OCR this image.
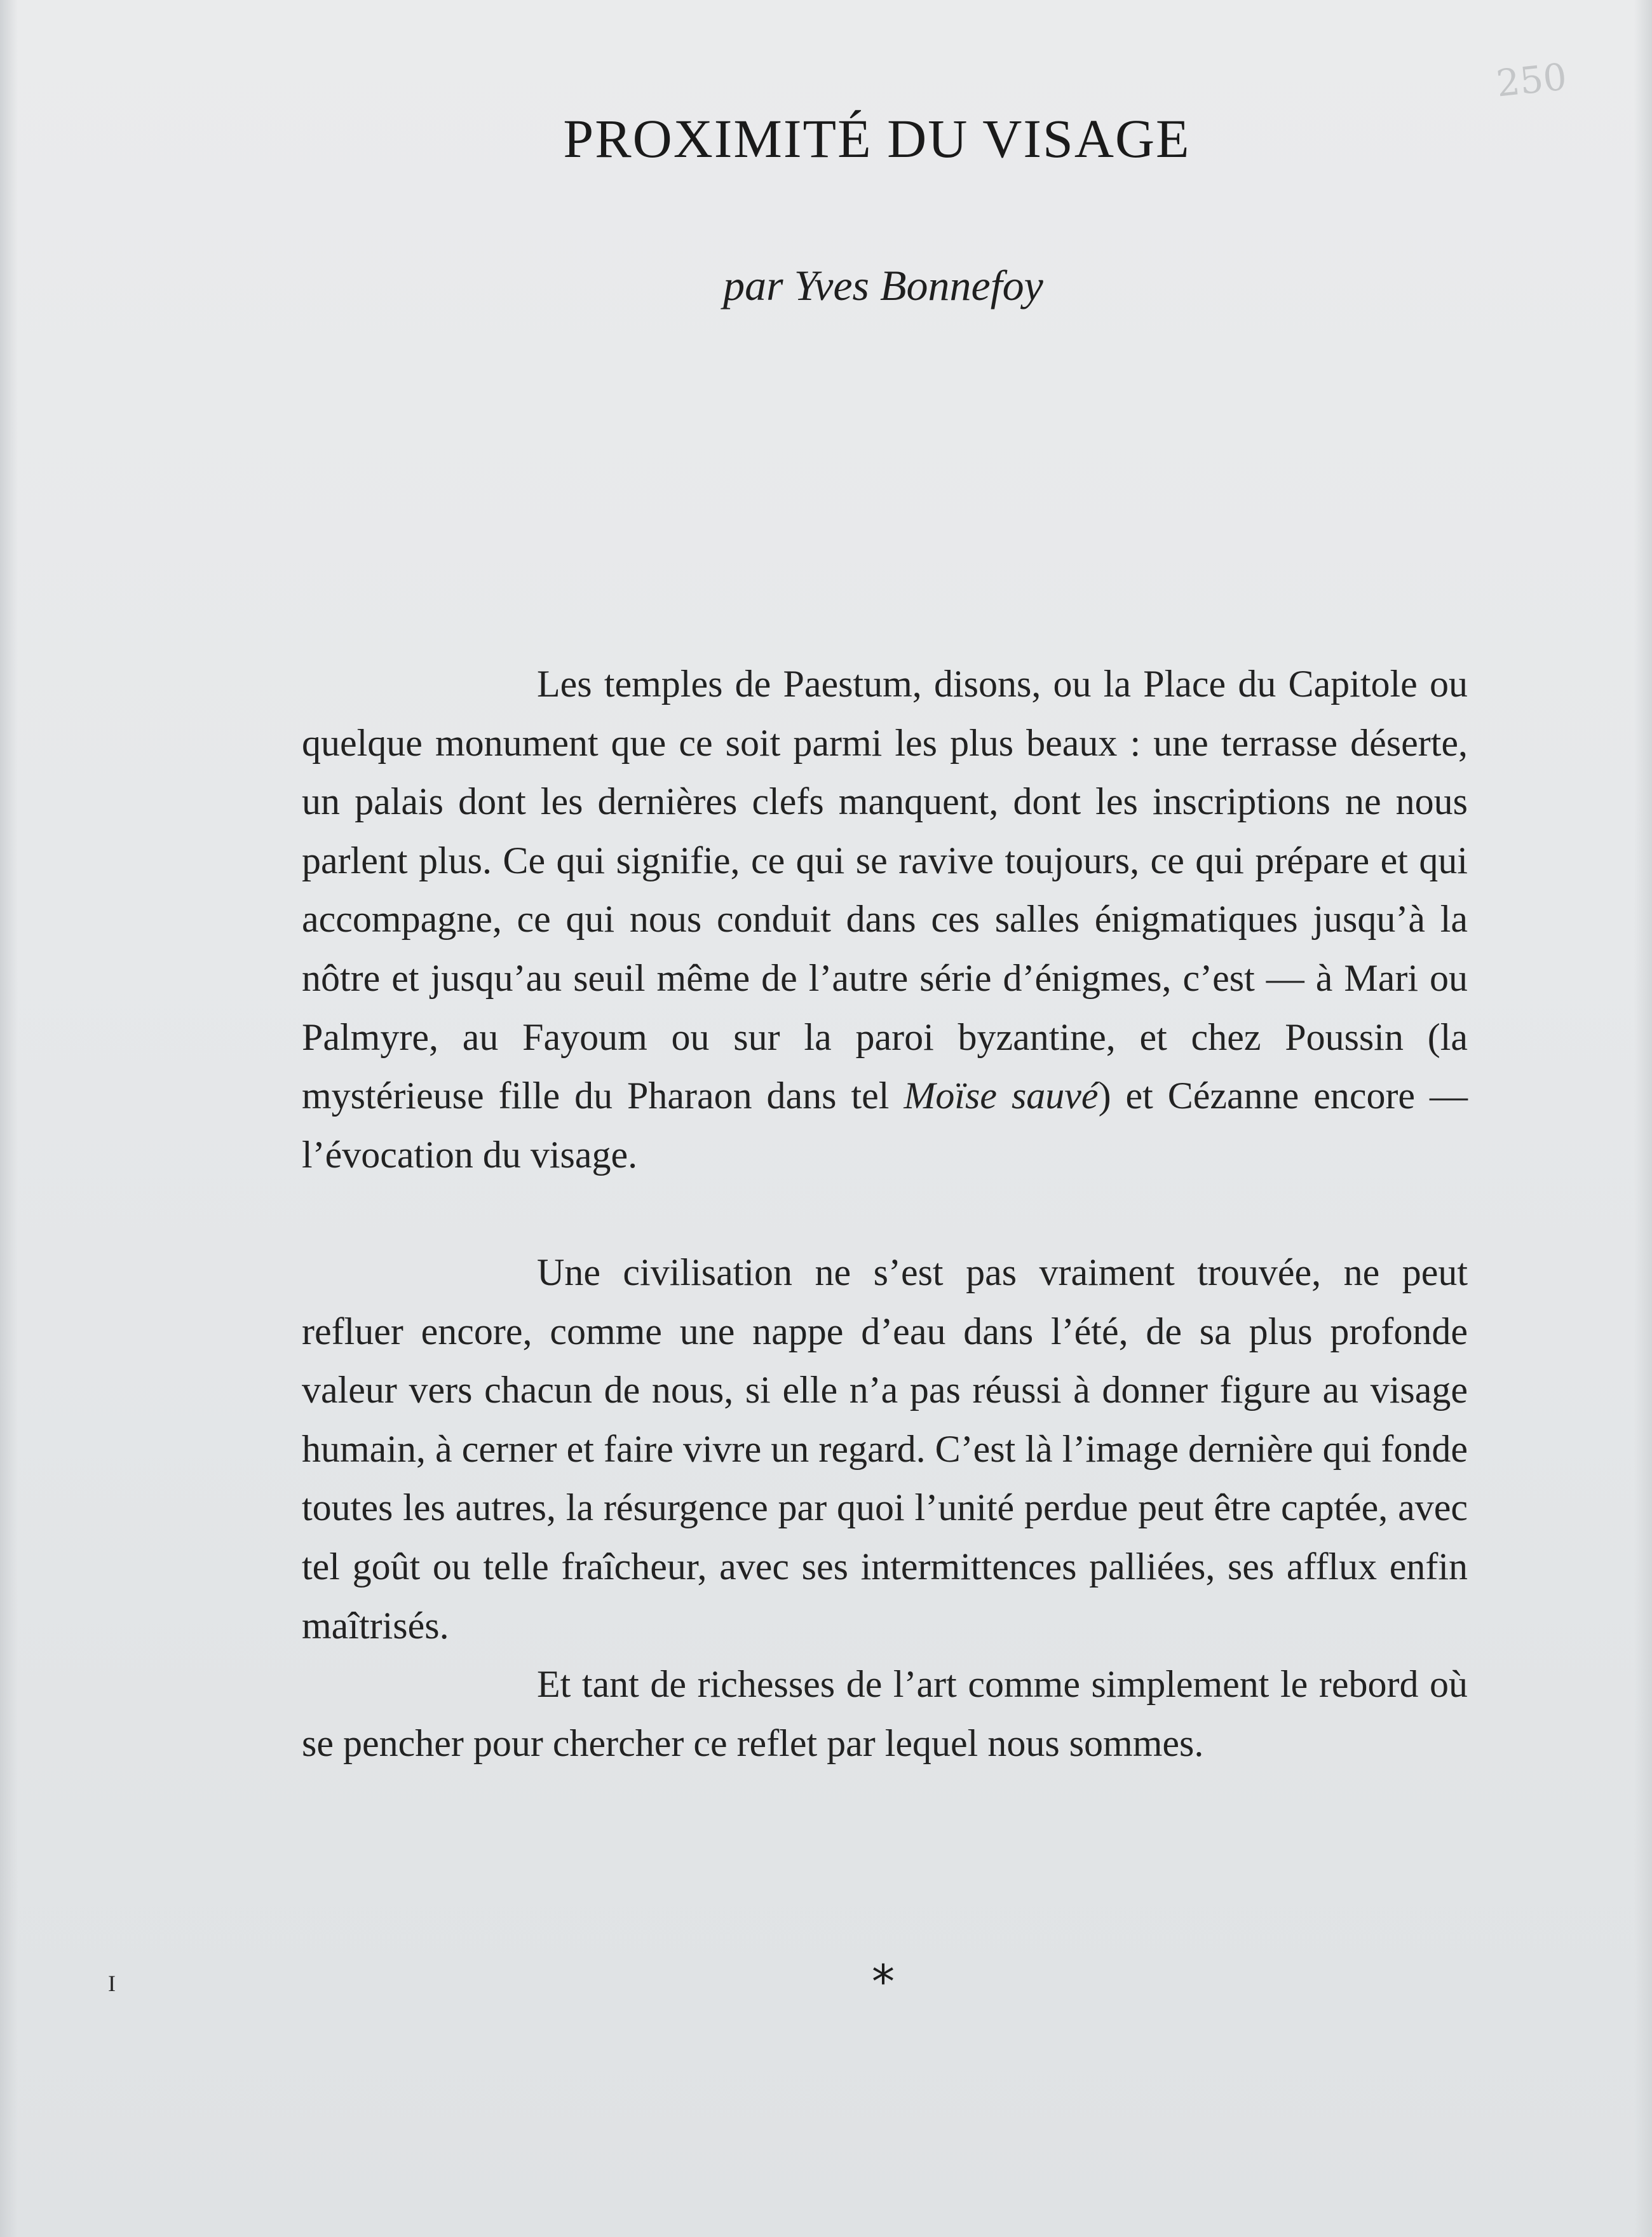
250
PROXIMITÉ DU VISAGE
par Yves Bonnefoy

Les temples de Paestum, disons, ou la Place du Capitole ou quelque monument que ce soit parmi les plus beaux : une terrasse déserte, un palais dont les dernières clefs manquent, dont les inscriptions ne nous parlent plus. Ce qui signifie, ce qui se ravive toujours, ce qui prépare et qui accompagne, ce qui nous conduit dans ces salles énigmatiques jusqu’à la nôtre et jusqu’au seuil même de l’autre série d’énigmes, c’est — à Mari ou Palmyre, au Fayoum ou sur la paroi byzantine, et chez Poussin (la mystérieuse fille du Pharaon dans tel Moïse sauvé) et Cézanne encore — l’évocation du visage.

Une civilisation ne s’est pas vraiment trouvée, ne peut refluer encore, comme une nappe d’eau dans l’été, de sa plus profonde valeur vers chacun de nous, si elle n’a pas réussi à donner figure au visage humain, à cerner et faire vivre un regard. C’est là l’image dernière qui fonde toutes les autres, la résurgence par quoi l’unité perdue peut être captée, avec tel goût ou telle fraîcheur, avec ses intermittences palliées, ses afflux enfin maîtrisés.

Et tant de richesses de l’art comme simplement le rebord où se pencher pour chercher ce reflet par lequel nous sommes.

I	*
